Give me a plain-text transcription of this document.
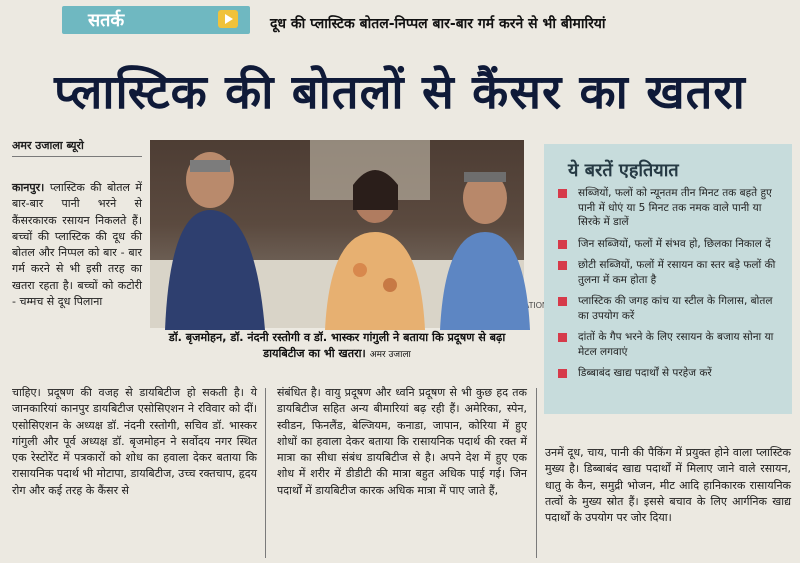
सतर्क	दूध की प्लास्टिक बोतल-निप्पल बार-बार गर्म करने से भी बीमारियां
प्लास्टिक की बोतलों से कैंसर का खतरा
अमर उजाला ब्यूरो
कानपुर। प्लास्टिक की बोतल में बार-बार पानी भरने से कैंसरकारक रसायन निकलते हैं। बच्चों की प्लास्टिक की दूध की बोतल और निप्पल को बार - बार गर्म करने से भी इसी तरह का खतरा रहता है। बच्चों को कटोरी - चम्मच से दूध पिलाना
डॉ. बृजमोहन, डॉ. नंदनी रस्तोगी व डॉ. भास्कर गांगुली ने बताया कि प्रदूषण से बढ़ा डायबिटीज का भी खतरा। अमर उजाला
ये बरतें एहतियात
सब्जियों, फलों को न्यूनतम तीन मिनट तक बहते हुए पानी में धोएं या 5 मिनट तक नमक वाले पानी या सिरके में डालें
जिन सब्जियों, फलों में संभव हो, छिलका निकाल दें
छोटी सब्जियों, फलों में रसायन का स्तर बड़े फलों की तुलना में कम होता है
प्लास्टिक की जगह कांच या स्टील के गिलास, बोतल का उपयोग करें
दांतों के गैप भरने के लिए रसायन के बजाय सोना या मेटल लगवाएं
डिब्बाबंद खाद्य पदार्थों से परहेज करें
चाहिए। प्रदूषण की वजह से डायबिटीज हो सकती है। ये जानकारियां कानपुर डायबिटीज एसोसिएशन ने रविवार को दीं। एसोसिएशन के अध्यक्ष डॉ. नंदनी रस्तोगी, सचिव डॉ. भास्कर गांगुली और पूर्व अध्यक्ष डॉ. बृजमोहन ने सर्वोदय नगर स्थित एक रेस्टोरेंट में पत्रकारों को शोध का हवाला देकर बताया कि रासायनिक पदार्थ भी मोटापा, डायबिटीज, उच्च रक्तचाप, हृदय रोग और कई तरह के कैंसर से
संबंधित है। वायु प्रदूषण और ध्वनि प्रदूषण से भी कुछ हद तक डायबिटीज सहित अन्य बीमारियां बढ़ रही हैं। अमेरिका, स्पेन, स्वीडन, फिनलैंड, बेल्जियम, कनाडा, जापान, कोरिया में हुए शोधों का हवाला देकर बताया कि रासायनिक पदार्थ की रक्त में मात्रा का सीधा संबंध डायबिटीज से है। अपने देश में हुए एक शोध में शरीर में डीडीटी की मात्रा बहुत अधिक पाई गई। जिन पदार्थों में डायबिटीज कारक अधिक मात्रा में पाए जाते हैं,
उनमें दूध, चाय, पानी की पैकिंग में प्रयुक्त होने वाला प्लास्टिक मुख्य है। डिब्बाबंद खाद्य पदार्थों में मिलाए जाने वाले रसायन, धातु के कैन, समुद्री भोजन, मीट आदि हानिकारक रासायनिक तत्वों के मुख्य स्रोत हैं। इससे बचाव के लिए आर्गनिक खाद्य पदार्थों के उपयोग पर जोर दिया।
